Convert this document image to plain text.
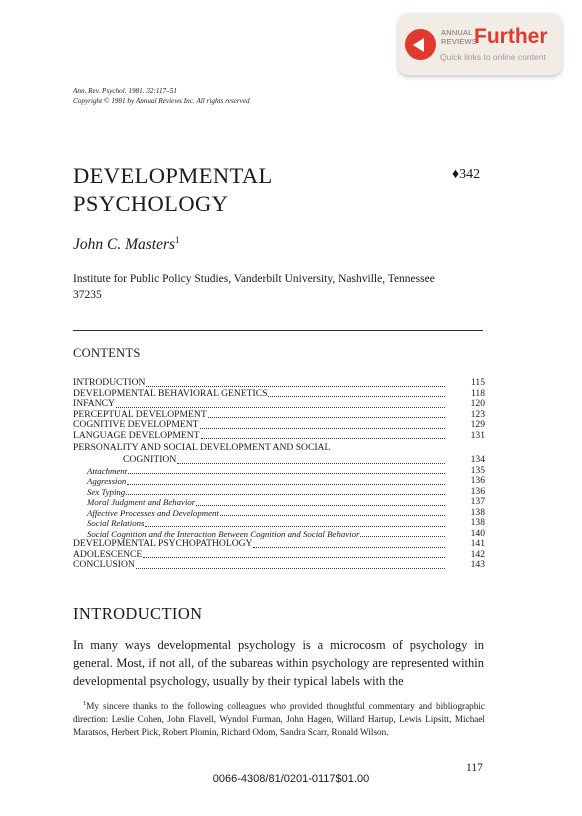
ANNUAL
REVIEWS
Further
Quick links to online content
Ann. Rev. Psychol. 1981. 32:117–51
Copyright © 1981 by Annual Reviews Inc. All rights reserved
DEVELOPMENTAL
PSYCHOLOGY
♦342
John C. Masters$^1$
Institute for Public Policy Studies, Vanderbilt University, Nashville, Tennessee 37235
CONTENTS
INTRODUCTION	115
DEVELOPMENTAL BEHAVIORAL GENETICS	118
INFANCY	120
PERCEPTUAL DEVELOPMENT	123
COGNITIVE DEVELOPMENT	129
LANGUAGE DEVELOPMENT	131
PERSONALITY AND SOCIAL DEVELOPMENT AND SOCIAL
COGNITION	134
Attachment	135
Aggression	136
Sex Typing	136
Moral Judgment and Behavior	137
Affective Processes and Development	138
Social Relations	138
Social Cognition and the Interaction Between Cognition and Social Behavior	140
DEVELOPMENTAL PSYCHOPATHOLOGY	141
ADOLESCENCE	142
CONCLUSION	143
INTRODUCTION
In many ways developmental psychology is a microcosm of psychology in general. Most, if not all, of the subareas within psychology are represented within developmental psychology, usually by their typical labels with the
$^1$My sincere thanks to the following colleagues who provided thoughtful commentary and bibliographic direction: Leslie Cohen, John Flavell, Wyndol Furman, John Hagen, Willard Hartup, Lewis Lipsitt, Michael Maratsos, Herbert Pick, Robert Plomin, Richard Odom, Sandra Scarr, Ronald Wilson.
117
0066-4308/81/0201-0117$01.00
